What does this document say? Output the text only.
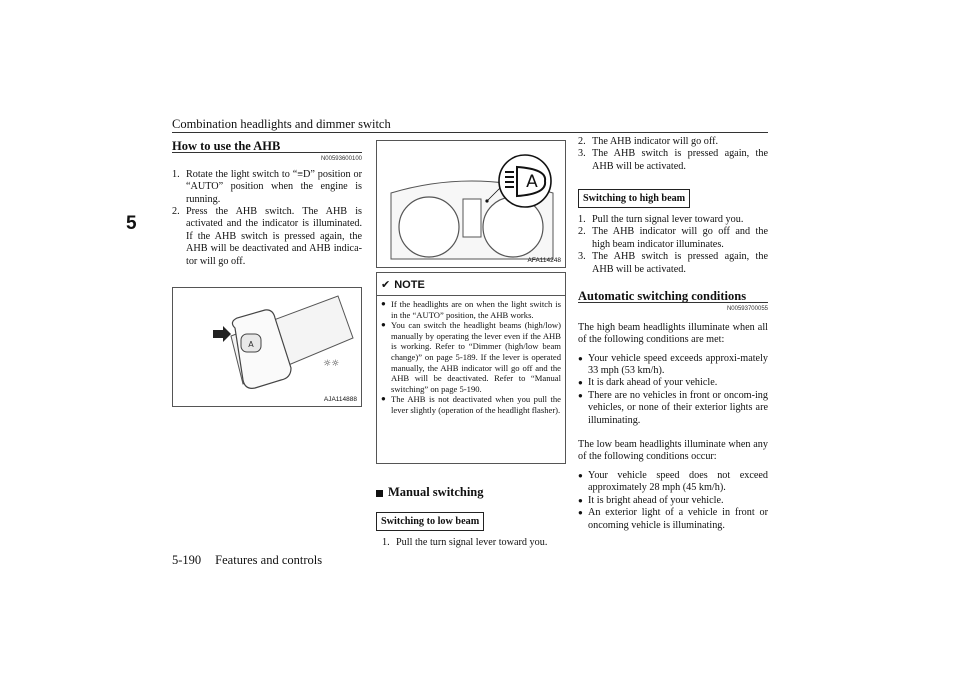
Combination headlights and dimmer switch
5
How to use the AHB
N00593600100
1. Rotate the light switch to “≡D” position or “AUTO” position when the engine is running.
2. Press the AHB switch. The AHB is activated and the indicator is illuminated. If the AHB switch is pressed again, the AHB will be deactivated and AHB indica-tor will go off.
A
☼☼
AJA114888
A
AFA114248
✔ NOTE
● If the headlights are on when the light switch is in the “AUTO” position, the AHB works.
● You can switch the headlight beams (high/low) manually by operating the lever even if the AHB is working. Refer to “Dimmer (high/low beam change)” on page 5-189. If the lever is operated manually, the AHB indicator will go off and the AHB will be deactivated. Refer to “Manual switching” on page 5-190.
● The AHB is not deactivated when you pull the lever slightly (operation of the headlight flasher).
Manual switching
Switching to low beam
1. Pull the turn signal lever toward you.
2. The AHB indicator will go off.
3. The AHB switch is pressed again, the AHB will be activated.
Switching to high beam
1. Pull the turn signal lever toward you.
2. The AHB indicator will go off and the high beam indicator illuminates.
3. The AHB switch is pressed again, the AHB will be activated.
Automatic switching conditions
N00593700055

The high beam headlights illuminate when all of the following conditions are met:

● Your vehicle speed exceeds approxi-mately 33 mph (53 km/h).
● It is dark ahead of your vehicle.
● There are no vehicles in front or oncom-ing vehicles, or none of their exterior lights are illuminating.

The low beam headlights illuminate when any of the following conditions occur:

● Your vehicle speed does not exceed approximately 28 mph (45 km/h).
● It is bright ahead of your vehicle.
● An exterior light of a vehicle in front or oncoming vehicle is illuminating.
5-190 Features and controls
